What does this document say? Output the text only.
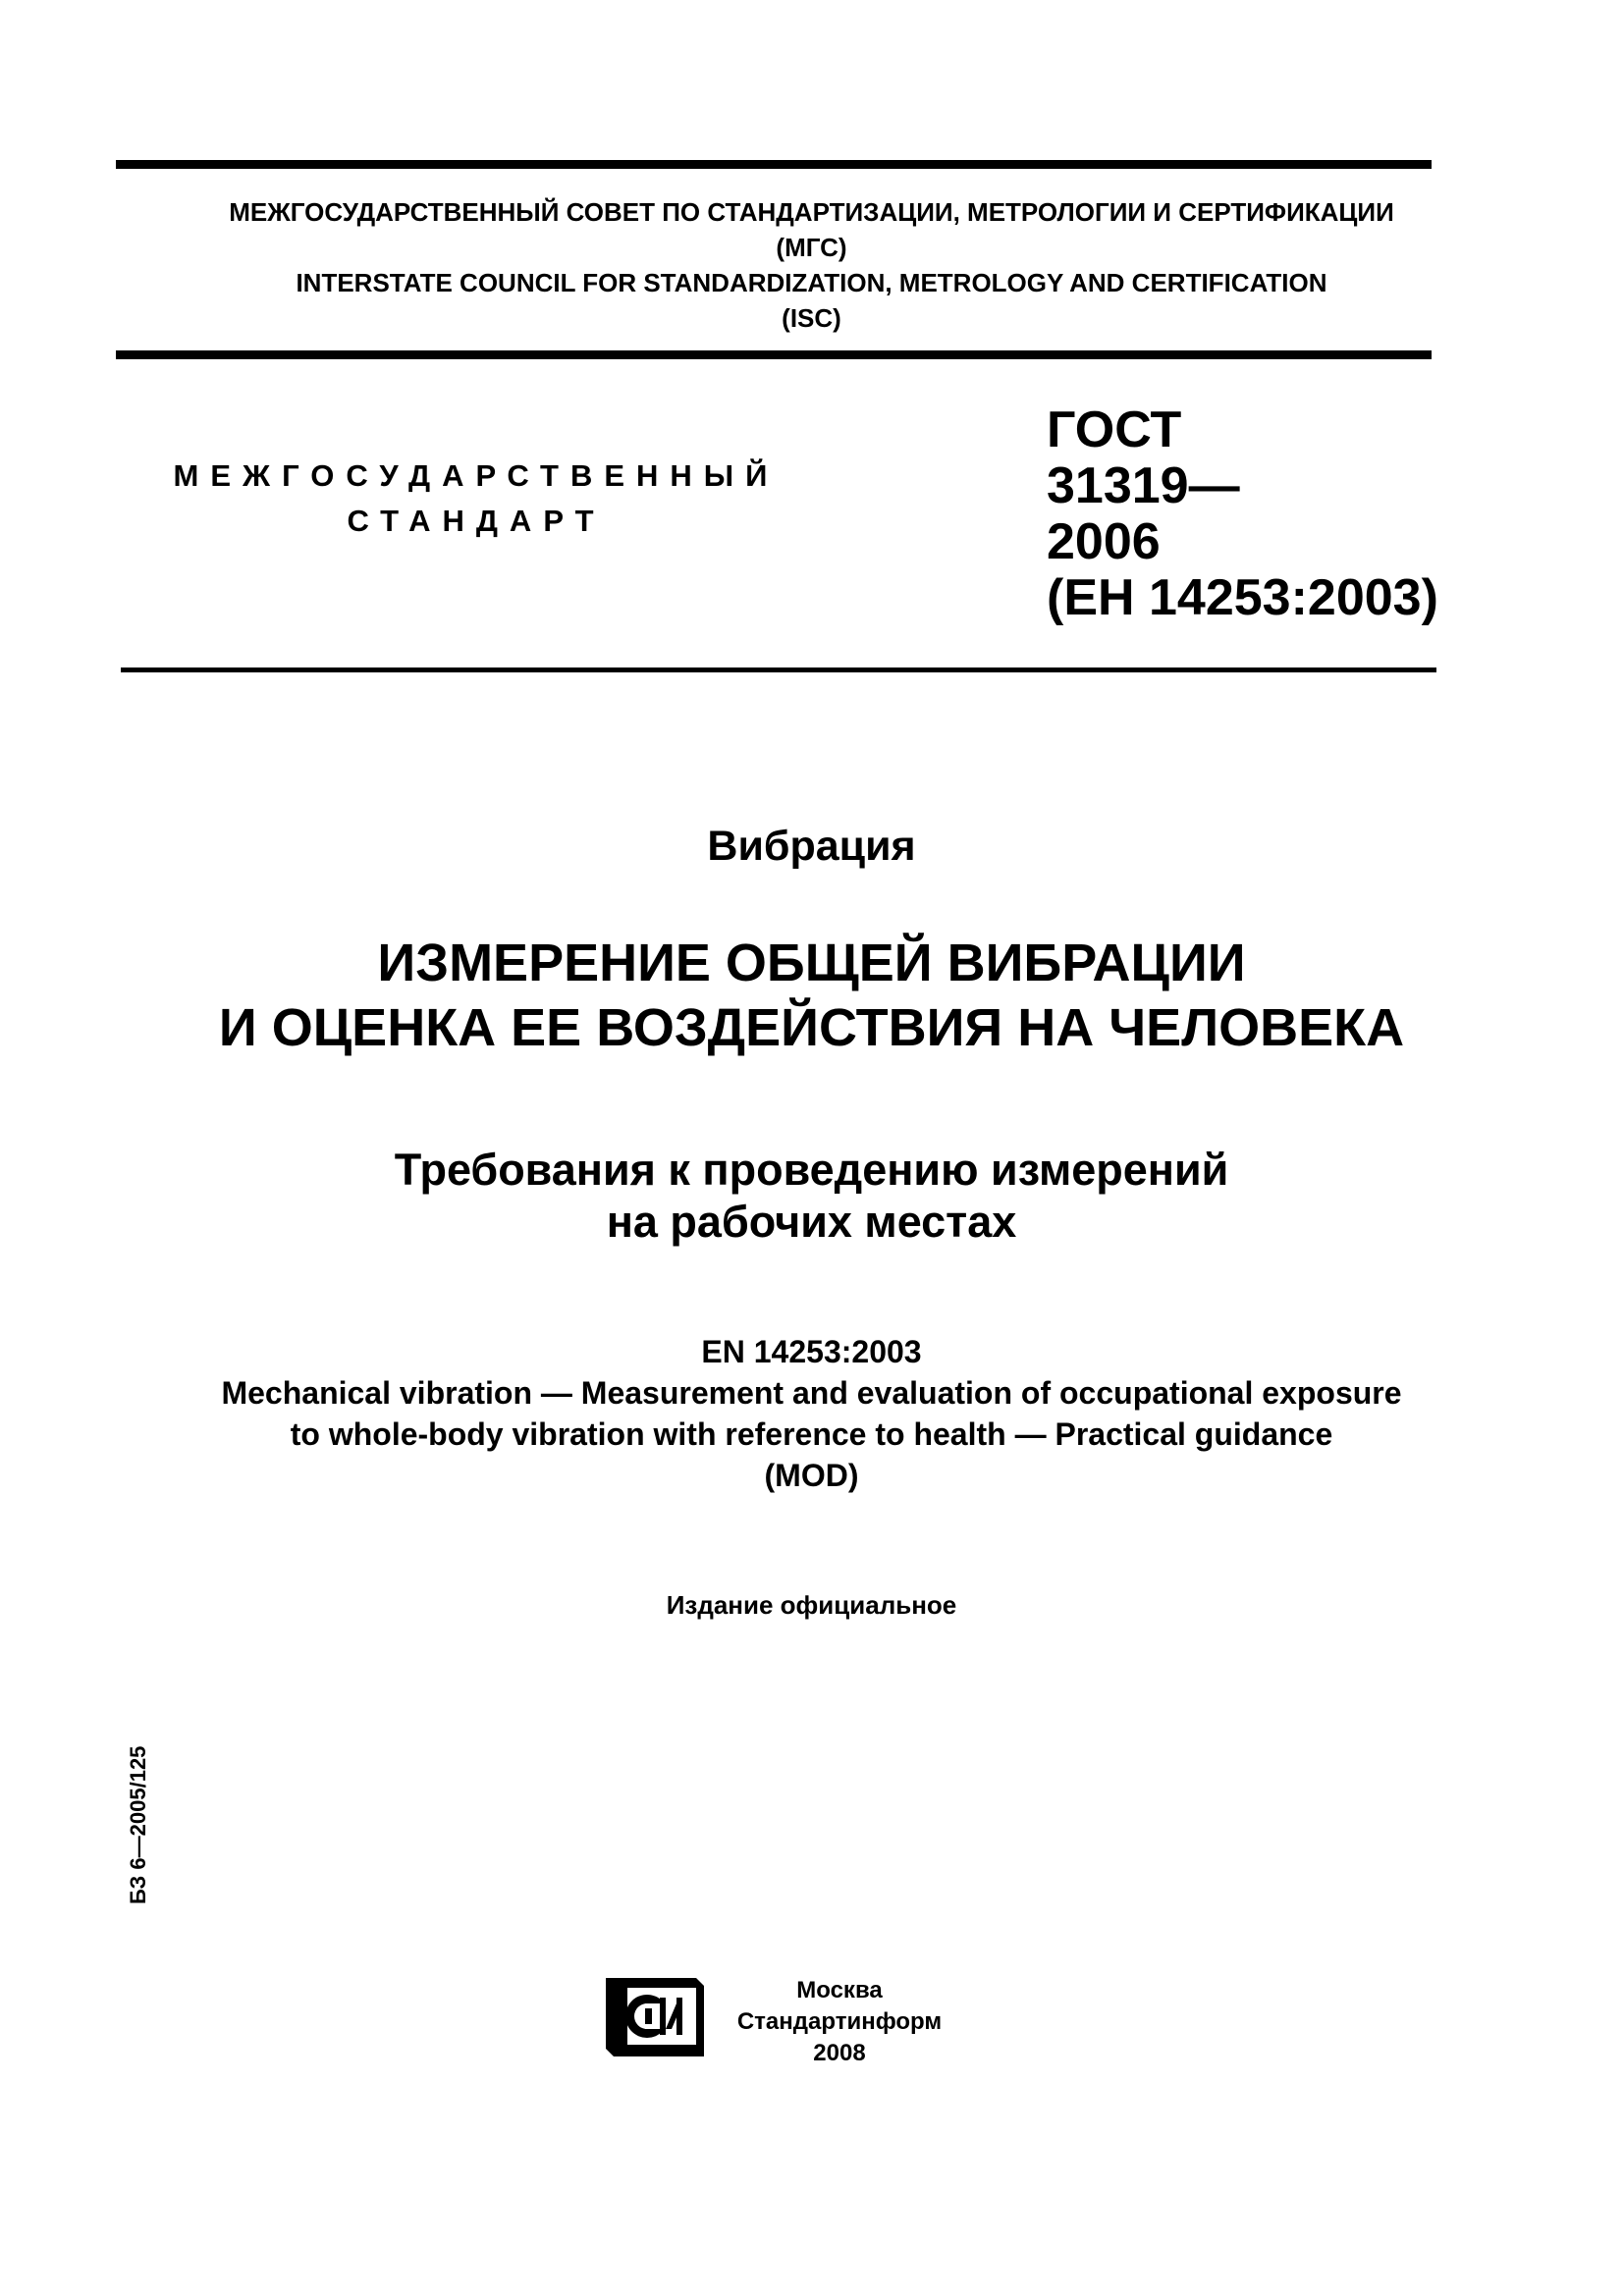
МЕЖГОСУДАРСТВЕННЫЙ СОВЕТ ПО СТАНДАРТИЗАЦИИ, МЕТРОЛОГИИ И СЕРТИФИКАЦИИ
(МГС)
INTERSTATE COUNCIL FOR STANDARDIZATION, METROLOGY AND CERTIFICATION
(ISC)
МЕЖГОСУДАРСТВЕННЫЙ
СТАНДАРТ
ГОСТ
31319—
2006
(ЕН 14253:2003)
Вибрация
ИЗМЕРЕНИЕ ОБЩЕЙ ВИБРАЦИИ
И ОЦЕНКА ЕЕ ВОЗДЕЙСТВИЯ НА ЧЕЛОВЕКА
Требования к проведению измерений
на рабочих местах
EN 14253:2003
Mechanical vibration — Measurement and evaluation of occupational exposure
to whole-body vibration with reference to health — Practical guidance
(MOD)
Издание официальное
БЗ 6—2005/125
Москва
Стандартинформ
2008
